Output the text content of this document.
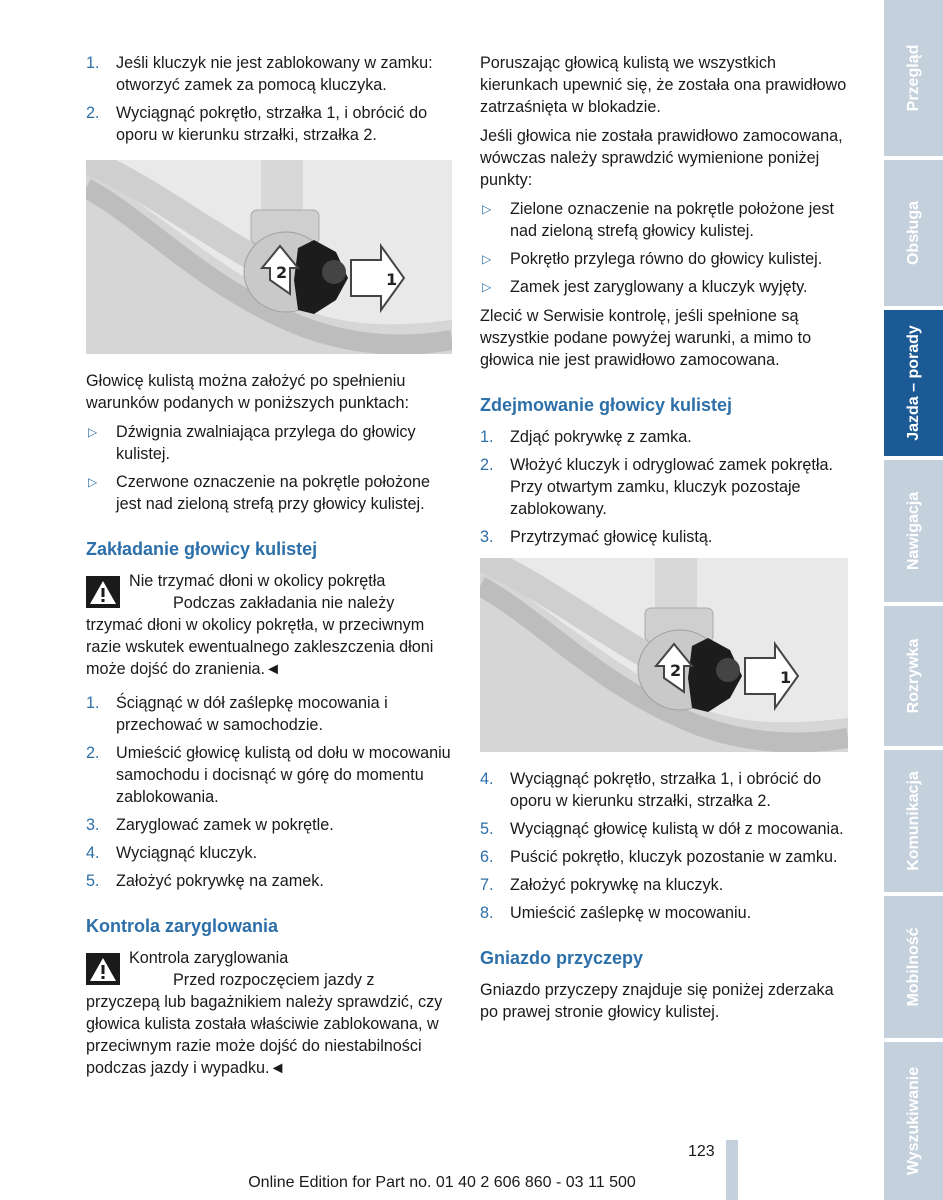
1. Jeśli kluczyk nie jest zablokowany w zamku: otworzyć zamek za pomocą kluczyka.
2. Wyciągnąć pokrętło, strzałka 1, i obrócić do oporu w kierunku strzałki, strzałka 2.
1
2

Głowicę kulistą można założyć po spełnieniu warunków podanych w poniższych punktach:

▷ Dźwignia zwalniająca przylega do głowicy kulistej.
▷ Czerwone oznaczenie na pokrętle położone jest nad zieloną strefą przy głowicy kulistej.
Zakładanie głowicy kulistej
Nie trzymać dłoni w okolicy pokrętła
Podczas zakładania nie należy trzymać dłoni w okolicy pokrętła, w przeciwnym razie wskutek ewentualnego zakleszczenia dłoni może dojść do zranienia.◄
1. Ściągnąć w dół zaślepkę mocowania i przechować w samochodzie.
2. Umieścić głowicę kulistą od dołu w mocowaniu samochodu i docisnąć w górę do momentu zablokowania.
3. Zaryglować zamek w pokrętle.
4. Wyciągnąć kluczyk.
5. Założyć pokrywkę na zamek.
Kontrola zaryglowania
Kontrola zaryglowania
Przed rozpoczęciem jazdy z przyczepą lub bagażnikiem należy sprawdzić, czy głowica kulista została właściwie zablokowana, w przeciwnym razie może dojść do niestabilności podczas jazdy i wypadku.◄

Poruszając głowicą kulistą we wszystkich kierunkach upewnić się, że została ona prawidłowo zatrzaśnięta w blokadzie.

Jeśli głowica nie została prawidłowo zamocowana, wówczas należy sprawdzić wymienione poniżej punkty:

▷ Zielone oznaczenie na pokrętle położone jest nad zieloną strefą głowicy kulistej.
▷ Pokrętło przylega równo do głowicy kulistej.
▷ Zamek jest zaryglowany a kluczyk wyjęty.

Zlecić w Serwisie kontrolę, jeśli spełnione są wszystkie podane powyżej warunki, a mimo to głowica nie jest prawidłowo zamocowana.

Zdejmowanie głowicy kulistej
1. Zdjąć pokrywkę z zamka.
2. Włożyć kluczyk i odryglować zamek pokrętła. Przy otwartym zamku, kluczyk pozostaje zablokowany.
3. Przytrzymać głowicę kulistą.
1
2
4. Wyciągnąć pokrętło, strzałka 1, i obrócić do oporu w kierunku strzałki, strzałka 2.
5. Wyciągnąć głowicę kulistą w dół z mocowania.
6. Puścić pokrętło, kluczyk pozostanie w zamku.
7. Założyć pokrywkę na kluczyk.
8. Umieścić zaślepkę w mocowaniu.
Gniazdo przyczepy

Gniazdo przyczepy znajduje się poniżej zderzaka po prawej stronie głowicy kulistej.

Przegląd
Obsługa
Jazda – porady
Nawigacja
Rozrywka
Komunikacja
Mobilność
Wyszukiwanie
123
Online Edition for Part no. 01 40 2 606 860 - 03 11 500
